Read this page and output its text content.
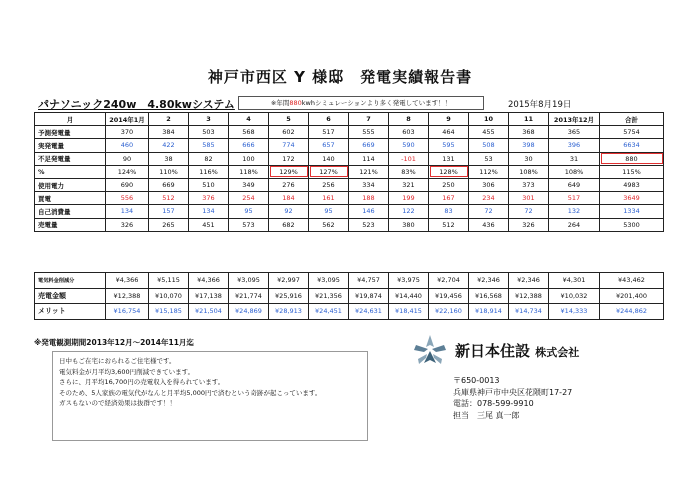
神戸市西区 Y 様邸　発電実績報告書
パナソニック240w　4.80kwシステム	※年間880kwhシミュレーションより多く発電しています！！	2015年8月19日
月	2014年1月	2	3	4	5	6	7	8	9	10	11	2013年12月	合計
予測発電量	370	384	503	568	602	517	555	603	464	455	368	365	5754
実発電量	460	422	585	666	774	657	669	590	595	508	398	396	6634
不足発電量	90	38	82	100	172	140	114	-101	131	53	30	31	880
%	124%	110%	116%	118%	129%	127%	121%	83%	128%	112%	108%	108%	115%
使用電力	690	669	510	349	276	256	334	321	250	306	373	649	4983
買電	556	512	376	254	184	161	188	199	167	234	301	517	3649
自己消費量	134	157	134	95	92	95	146	122	83	72	72	132	1334
売電量	326	265	451	573	682	562	523	380	512	436	326	264	5300
電気料金削減分	¥4,366	¥5,115	¥4,366	¥3,095	¥2,997	¥3,095	¥4,757	¥3,975	¥2,704	¥2,346	¥2,346	¥4,301	¥43,462
売電金額	¥12,388	¥10,070	¥17,138	¥21,774	¥25,916	¥21,356	¥19,874	¥14,440	¥19,456	¥16,568	¥12,388	¥10,032	¥201,400
メリット	¥16,754	¥15,185	¥21,504	¥24,869	¥28,913	¥24,451	¥24,631	¥18,415	¥22,160	¥18,914	¥14,734	¥14,333	¥244,862
※発電観測期間2013年12月～2014年11月迄
日中もご在宅におられるご住宅様です。
電気料金が月平均3,600円削減できています。
さらに、月平均16,700円の売電収入を得られています。
そのため、5人家族の電気代がなんと月平均5,000円で済むという奇跡が起こっています。
ガスもないので経済効果は抜群です！！
新日本住設 株式会社
〒650-0013
兵庫県神戸市中央区花隈町17-27
電話：078-599-9910
担当　三尾 真一郎
